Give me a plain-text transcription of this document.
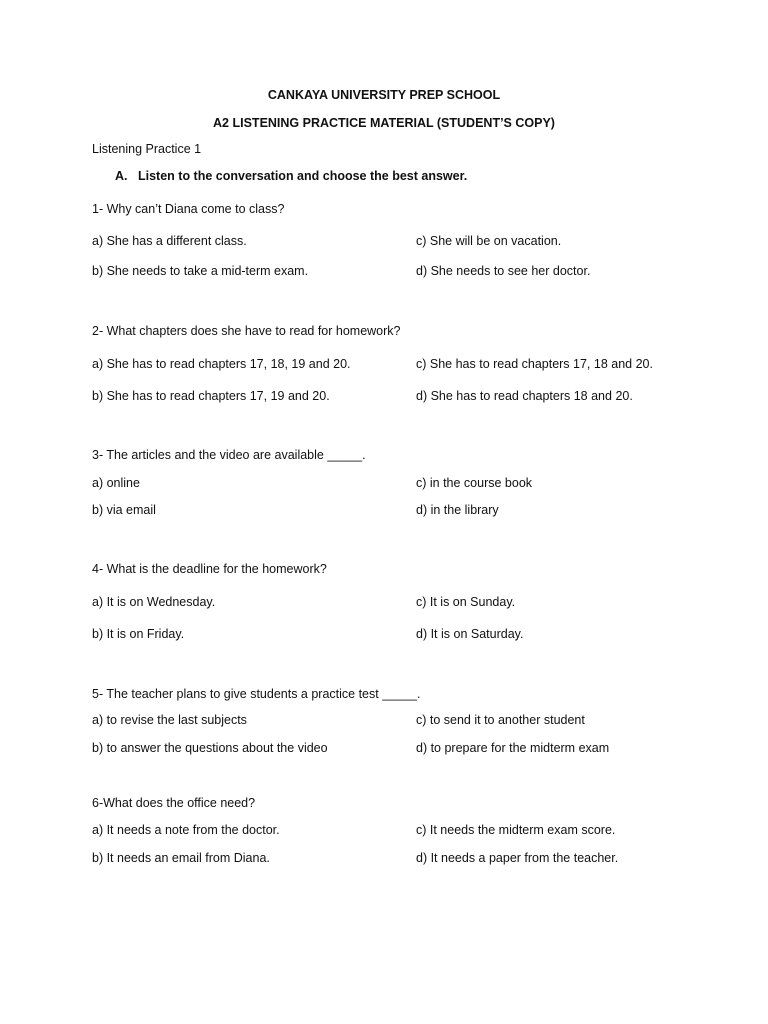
CANKAYA UNIVERSITY PREP SCHOOL
A2 LISTENING PRACTICE MATERIAL (STUDENT’S COPY)
Listening Practice 1
A. Listen to the conversation and choose the best answer.
1- Why can’t Diana come to class?
a) She has a different class.	c) She will be on vacation.
b) She needs to take a mid-term exam.	d) She needs to see her doctor.
2- What chapters does she have to read for homework?
a) She has to read chapters 17, 18, 19 and 20.	c) She has to read chapters 17, 18 and 20.
b) She has to read chapters 17, 19 and 20.	d) She has to read chapters 18 and 20.
3- The articles and the video are available _____.
a) online	c) in the course book
b) via email	d) in the library
4- What is the deadline for the homework?
a) It is on Wednesday.	c) It is on Sunday.
b) It is on Friday.	d) It is on Saturday.
5- The teacher plans to give students a practice test _____.
a) to revise the last subjects	c) to send it to another student
b) to answer the questions about the video	d) to prepare for the midterm exam
6-What does the office need?
a) It needs a note from the doctor.	c) It needs the midterm exam score.
b) It needs an email from Diana.	d) It needs a paper from the teacher.
